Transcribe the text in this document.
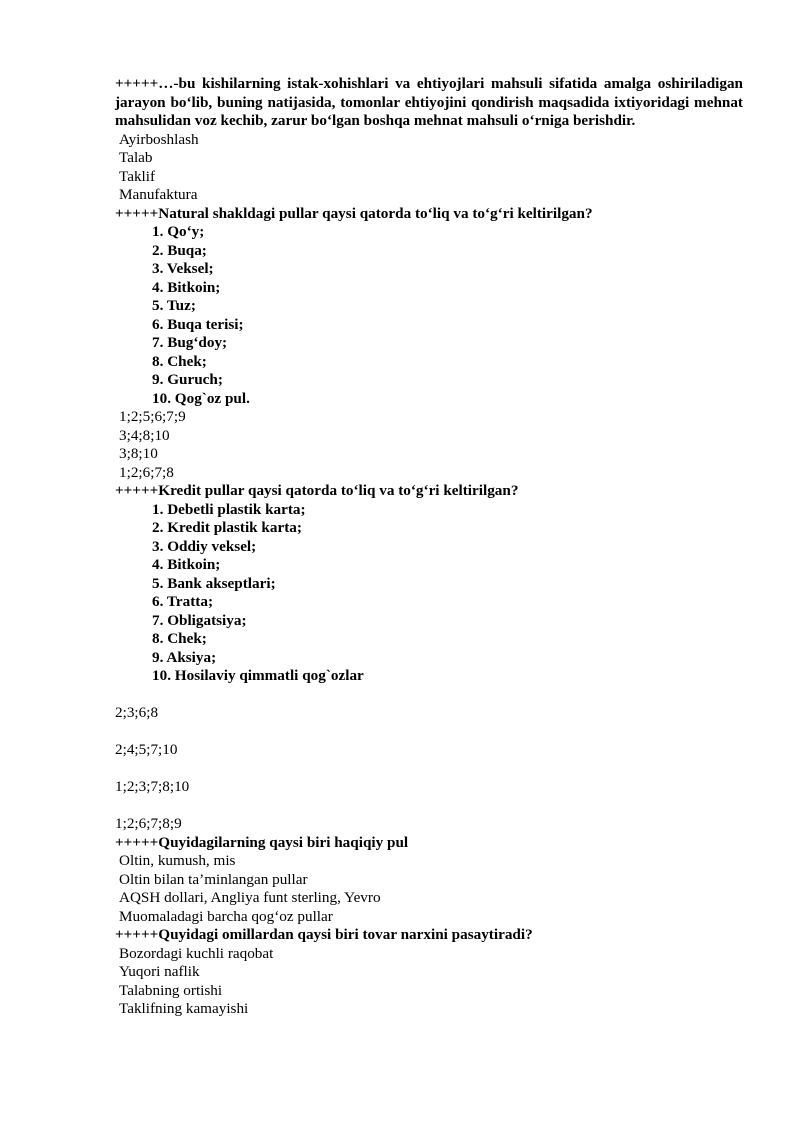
+++++…-bu kishilarning istak-xohishlari va ehtiyojlari mahsuli sifatida amalga oshiriladigan jarayon bo‘lib, buning natijasida, tomonlar ehtiyojini qondirish maqsadida ixtiyoridagi mehnat mahsulidan voz kechib, zarur bo‘lgan boshqa mehnat mahsuli o‘rniga berishdir.
Ayirboshlash
Talab
Taklif
Manufaktura
+++++Natural shakldagi pullar qaysi qatorda to‘liq va to‘g‘ri keltirilgan?
1. Qo‘y;
2. Buqa;
3. Veksel;
4. Bitkoin;
5. Tuz;
6. Buqa terisi;
7. Bug‘doy;
8. Chek;
9. Guruch;
10. Qog`oz pul.
1;2;5;6;7;9
3;4;8;10
3;8;10
1;2;6;7;8
+++++Kredit pullar qaysi qatorda to‘liq va to‘g‘ri keltirilgan?
1. Debetli plastik karta;
2. Kredit plastik karta;
3. Oddiy veksel;
4. Bitkoin;
5. Bank akseptlari;
6. Tratta;
7. Obligatsiya;
8. Chek;
9. Aksiya;
10. Hosilaviy qimmatli qog`ozlar
2;3;6;8
2;4;5;7;10
1;2;3;7;8;10
1;2;6;7;8;9
+++++Quyidagilarning qaysi biri haqiqiy pul
Oltin, kumush, mis
Oltin bilan ta’minlangan pullar
AQSH dollari, Angliya funt sterling, Yevro
Muomaladagi barcha qog‘oz pullar
+++++Quyidagi omillardan qaysi biri tovar narxini pasaytiradi?
Bozordagi kuchli raqobat
Yuqori naflik
Talabning ortishi
Taklifning kamayishi
